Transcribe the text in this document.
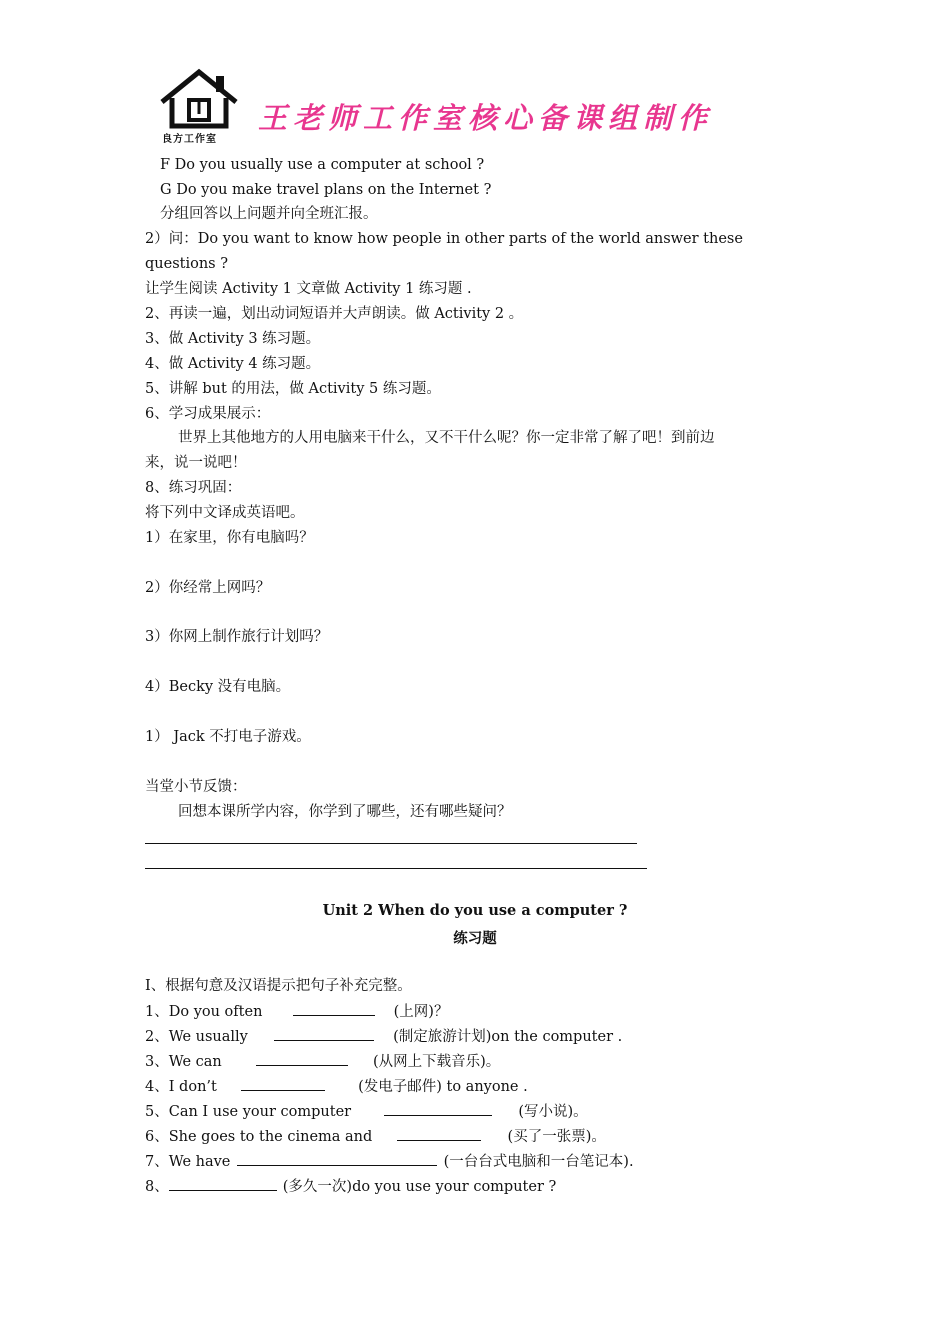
良方工作室
王老师工作室核心备课组制作
F Do you usually use a computer at school ?
G Do you make travel plans on the Internet ?
分组回答以上问题并向全班汇报。
2）问：Do you want to know how people in other parts of the world answer these
questions ?
让学生阅读 Activity 1 文章做 Activity 1 练习题 .
2、再读一遍，划出动词短语并大声朗读。做 Activity 2 。
3、做 Activity 3 练习题。
4、做 Activity 4 练习题。
5、讲解 but 的用法，做 Activity 5 练习题。
6、学习成果展示：
世界上其他地方的人用电脑来干什么，又不干什么呢？你一定非常了解了吧！到前边
来，说一说吧！
8、练习巩固：
将下列中文译成英语吧。
1）在家里，你有电脑吗？
2）你经常上网吗？
3）你网上制作旅行计划吗？
4）Becky 没有电脑。
1） Jack 不打电子游戏。
当堂小节反馈：
回想本课所学内容，你学到了哪些，还有哪些疑问？
Unit 2 When do you use a computer ?
练习题
I、根据句意及汉语提示把句子补充完整。
1、Do you often	(上网)？
2、We usually	(制定旅游计划)on the computer .
3、We can	(从网上下载音乐)。
4、I don’t	(发电子邮件) to anyone .
5、Can I use your computer	(写小说)。
6、She goes to the cinema and	(买了一张票)。
7、We have	(一台台式电脑和一台笔记本).
8、	(多久一次)do you use your computer ?
